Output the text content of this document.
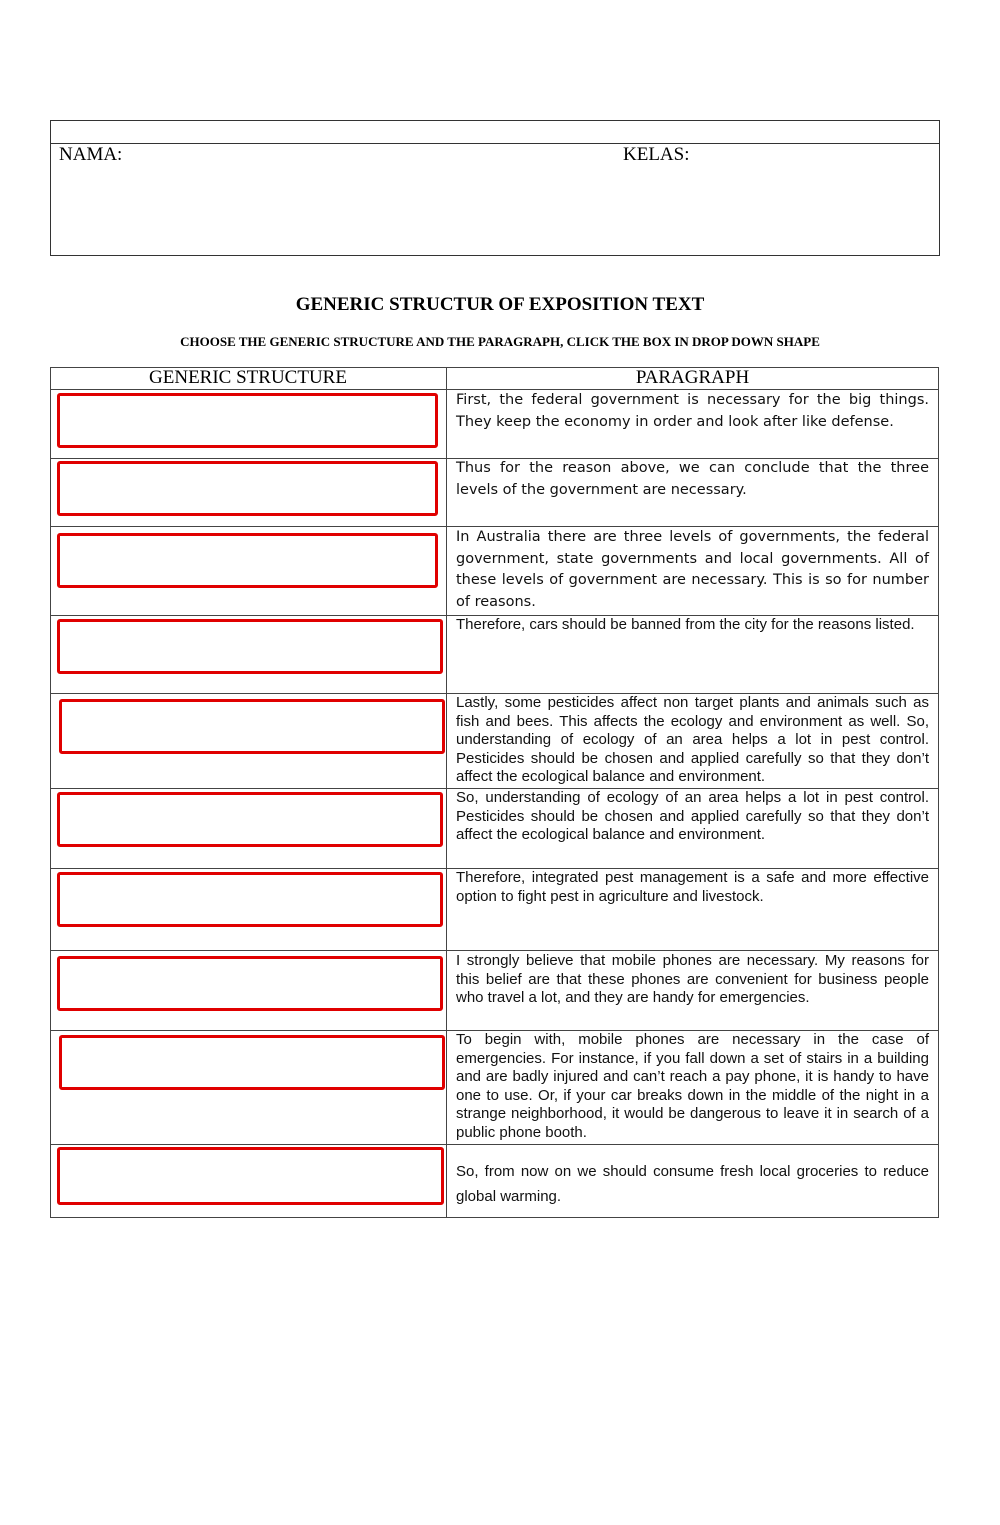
NAMA:	KELAS:
GENERIC STRUCTUR OF EXPOSITION TEXT
CHOOSE THE GENERIC STRUCTURE AND THE PARAGRAPH, CLICK THE BOX IN DROP DOWN SHAPE
GENERIC STRUCTURE	PARAGRAPH
First, the federal government is necessary for the big things. They keep the economy in order and look after like defense.
Thus for the reason above, we can conclude that the three levels of the government are necessary.
In Australia there are three levels of governments, the federal government, state governments and local governments. All of these levels of government are necessary. This is so for number of reasons.
Therefore, cars should be banned from the city for the reasons listed.
Lastly, some pesticides affect non target plants and animals such as fish and bees. This affects the ecology and environment as well. So, understanding of ecology of an area helps a lot in pest control. Pesticides should be chosen and applied carefully so that they don’t affect the ecological balance and environment.
So, understanding of ecology of an area helps a lot in pest control. Pesticides should be chosen and applied carefully so that they don’t affect the ecological balance and environment.
Therefore, integrated pest management is a safe and more effective option to fight pest in agriculture and livestock.
I strongly believe that mobile phones are necessary. My reasons for this belief are that these phones are convenient for business people who travel a lot, and they are handy for emergencies.
To begin with, mobile phones are necessary in the case of emergencies. For instance, if you fall down a set of stairs in a building and are badly injured and can’t reach a pay phone, it is handy to have one to use. Or, if your car breaks down in the middle of the night in a strange neighborhood, it would be dangerous to leave it in search of a public phone booth.
So, from now on we should consume fresh local groceries to reduce global warming.
